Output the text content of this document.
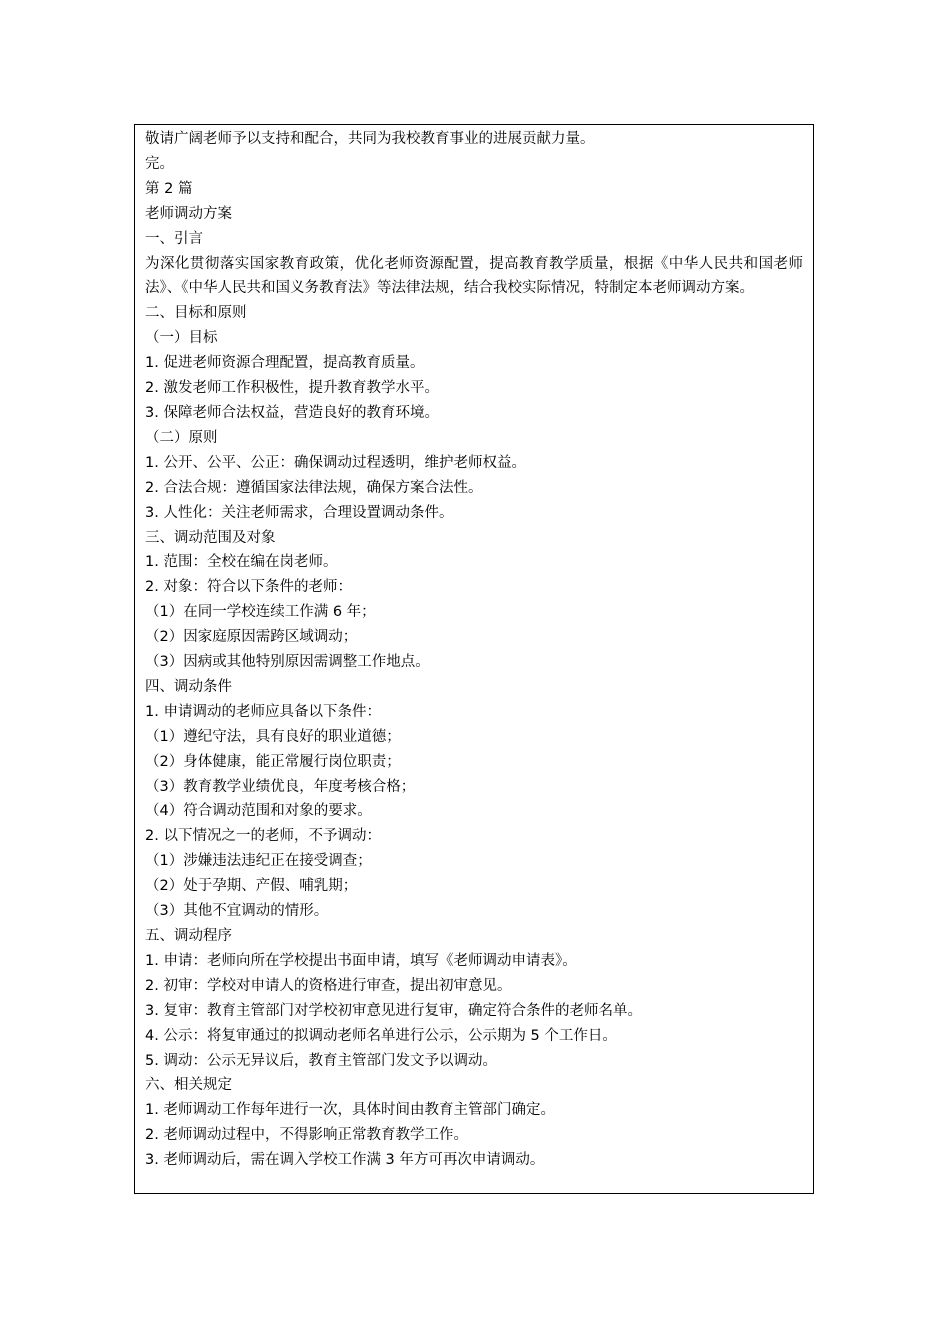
敬请广阔老师予以支持和配合，共同为我校教育事业的进展贡献力量。

完。

第 2 篇

老师调动方案

一、引言

为深化贯彻落实国家教育政策，优化老师资源配置，提高教育教学质量，根据《中华人民共和国老师法》、《中华人民共和国义务教育法》等法律法规，结合我校实际情况，特制定本老师调动方案。

二、目标和原则

（一）目标

1. 促进老师资源合理配置，提高教育质量。

2. 激发老师工作积极性，提升教育教学水平。

3. 保障老师合法权益，营造良好的教育环境。

（二）原则

1. 公开、公平、公正：确保调动过程透明，维护老师权益。

2. 合法合规：遵循国家法律法规，确保方案合法性。

3. 人性化：关注老师需求，合理设置调动条件。

三、调动范围及对象

1. 范围：全校在编在岗老师。

2. 对象：符合以下条件的老师：

（1）在同一学校连续工作满 6 年；

（2）因家庭原因需跨区域调动；

（3）因病或其他特别原因需调整工作地点。

四、调动条件

1. 申请调动的老师应具备以下条件：

（1）遵纪守法，具有良好的职业道德；

（2）身体健康，能正常履行岗位职责；

（3）教育教学业绩优良，年度考核合格；

（4）符合调动范围和对象的要求。

2. 以下情况之一的老师，不予调动：

（1）涉嫌违法违纪正在接受调查；

（2）处于孕期、产假、哺乳期；

（3）其他不宜调动的情形。

五、调动程序

1. 申请：老师向所在学校提出书面申请，填写《老师调动申请表》。

2. 初审：学校对申请人的资格进行审查，提出初审意见。

3. 复审：教育主管部门对学校初审意见进行复审，确定符合条件的老师名单。

4. 公示：将复审通过的拟调动老师名单进行公示，公示期为 5 个工作日。

5. 调动：公示无异议后，教育主管部门发文予以调动。

六、相关规定

1. 老师调动工作每年进行一次，具体时间由教育主管部门确定。

2. 老师调动过程中，不得影响正常教育教学工作。

3. 老师调动后，需在调入学校工作满 3 年方可再次申请调动。
